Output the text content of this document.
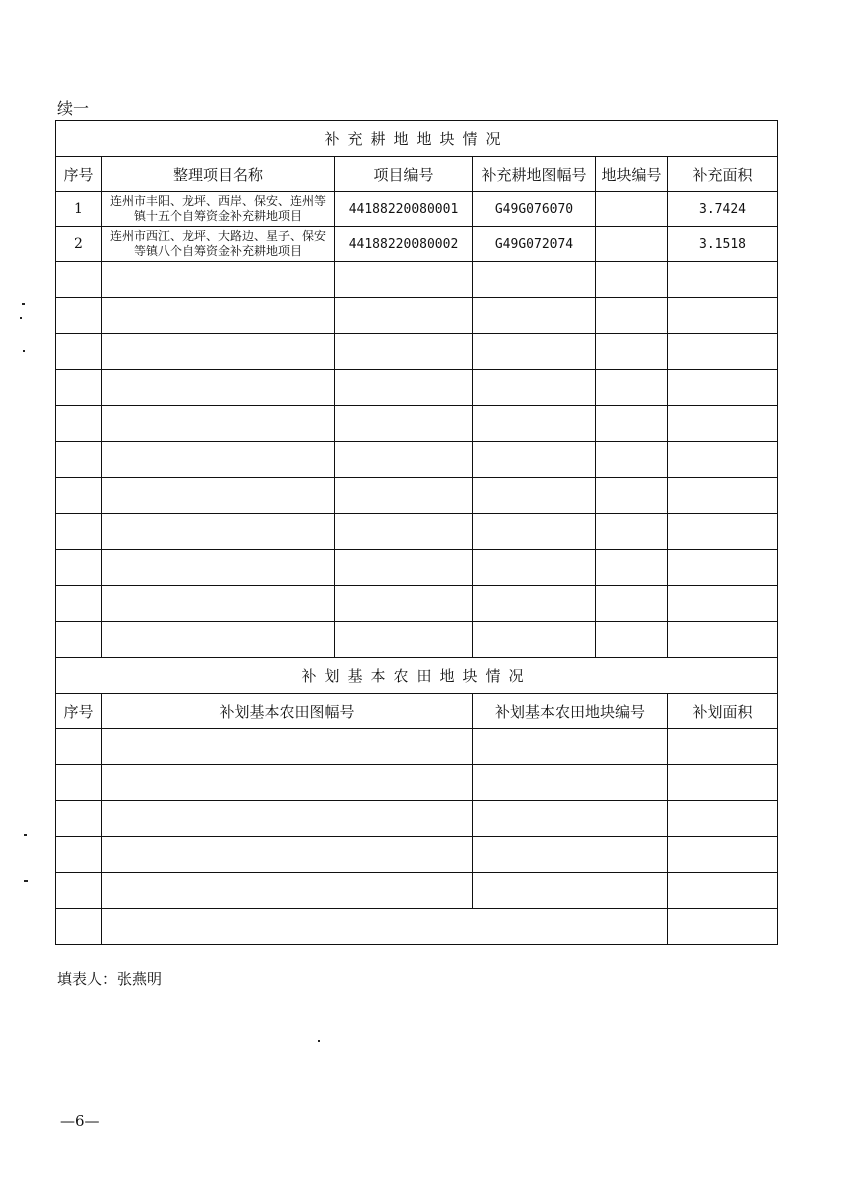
续一
补充耕地地块情况					
序号	整理项目名称	项目编号	补充耕地图幅号	地块编号	补充面积
1	连州市丰阳、龙坪、西岸、保安、连州等镇十五个自筹资金补充耕地项目	44188220080001	G49G076070		3.7424
2	连州市西江、龙坪、大路边、星子、保安等镇八个自筹资金补充耕地项目	44188220080002	G49G072074		3.1518

补划基本农田地块情况					
序号	补划基本农田图幅号		补划基本农田地块编号		补划面积

填表人：张燕明
—6—
